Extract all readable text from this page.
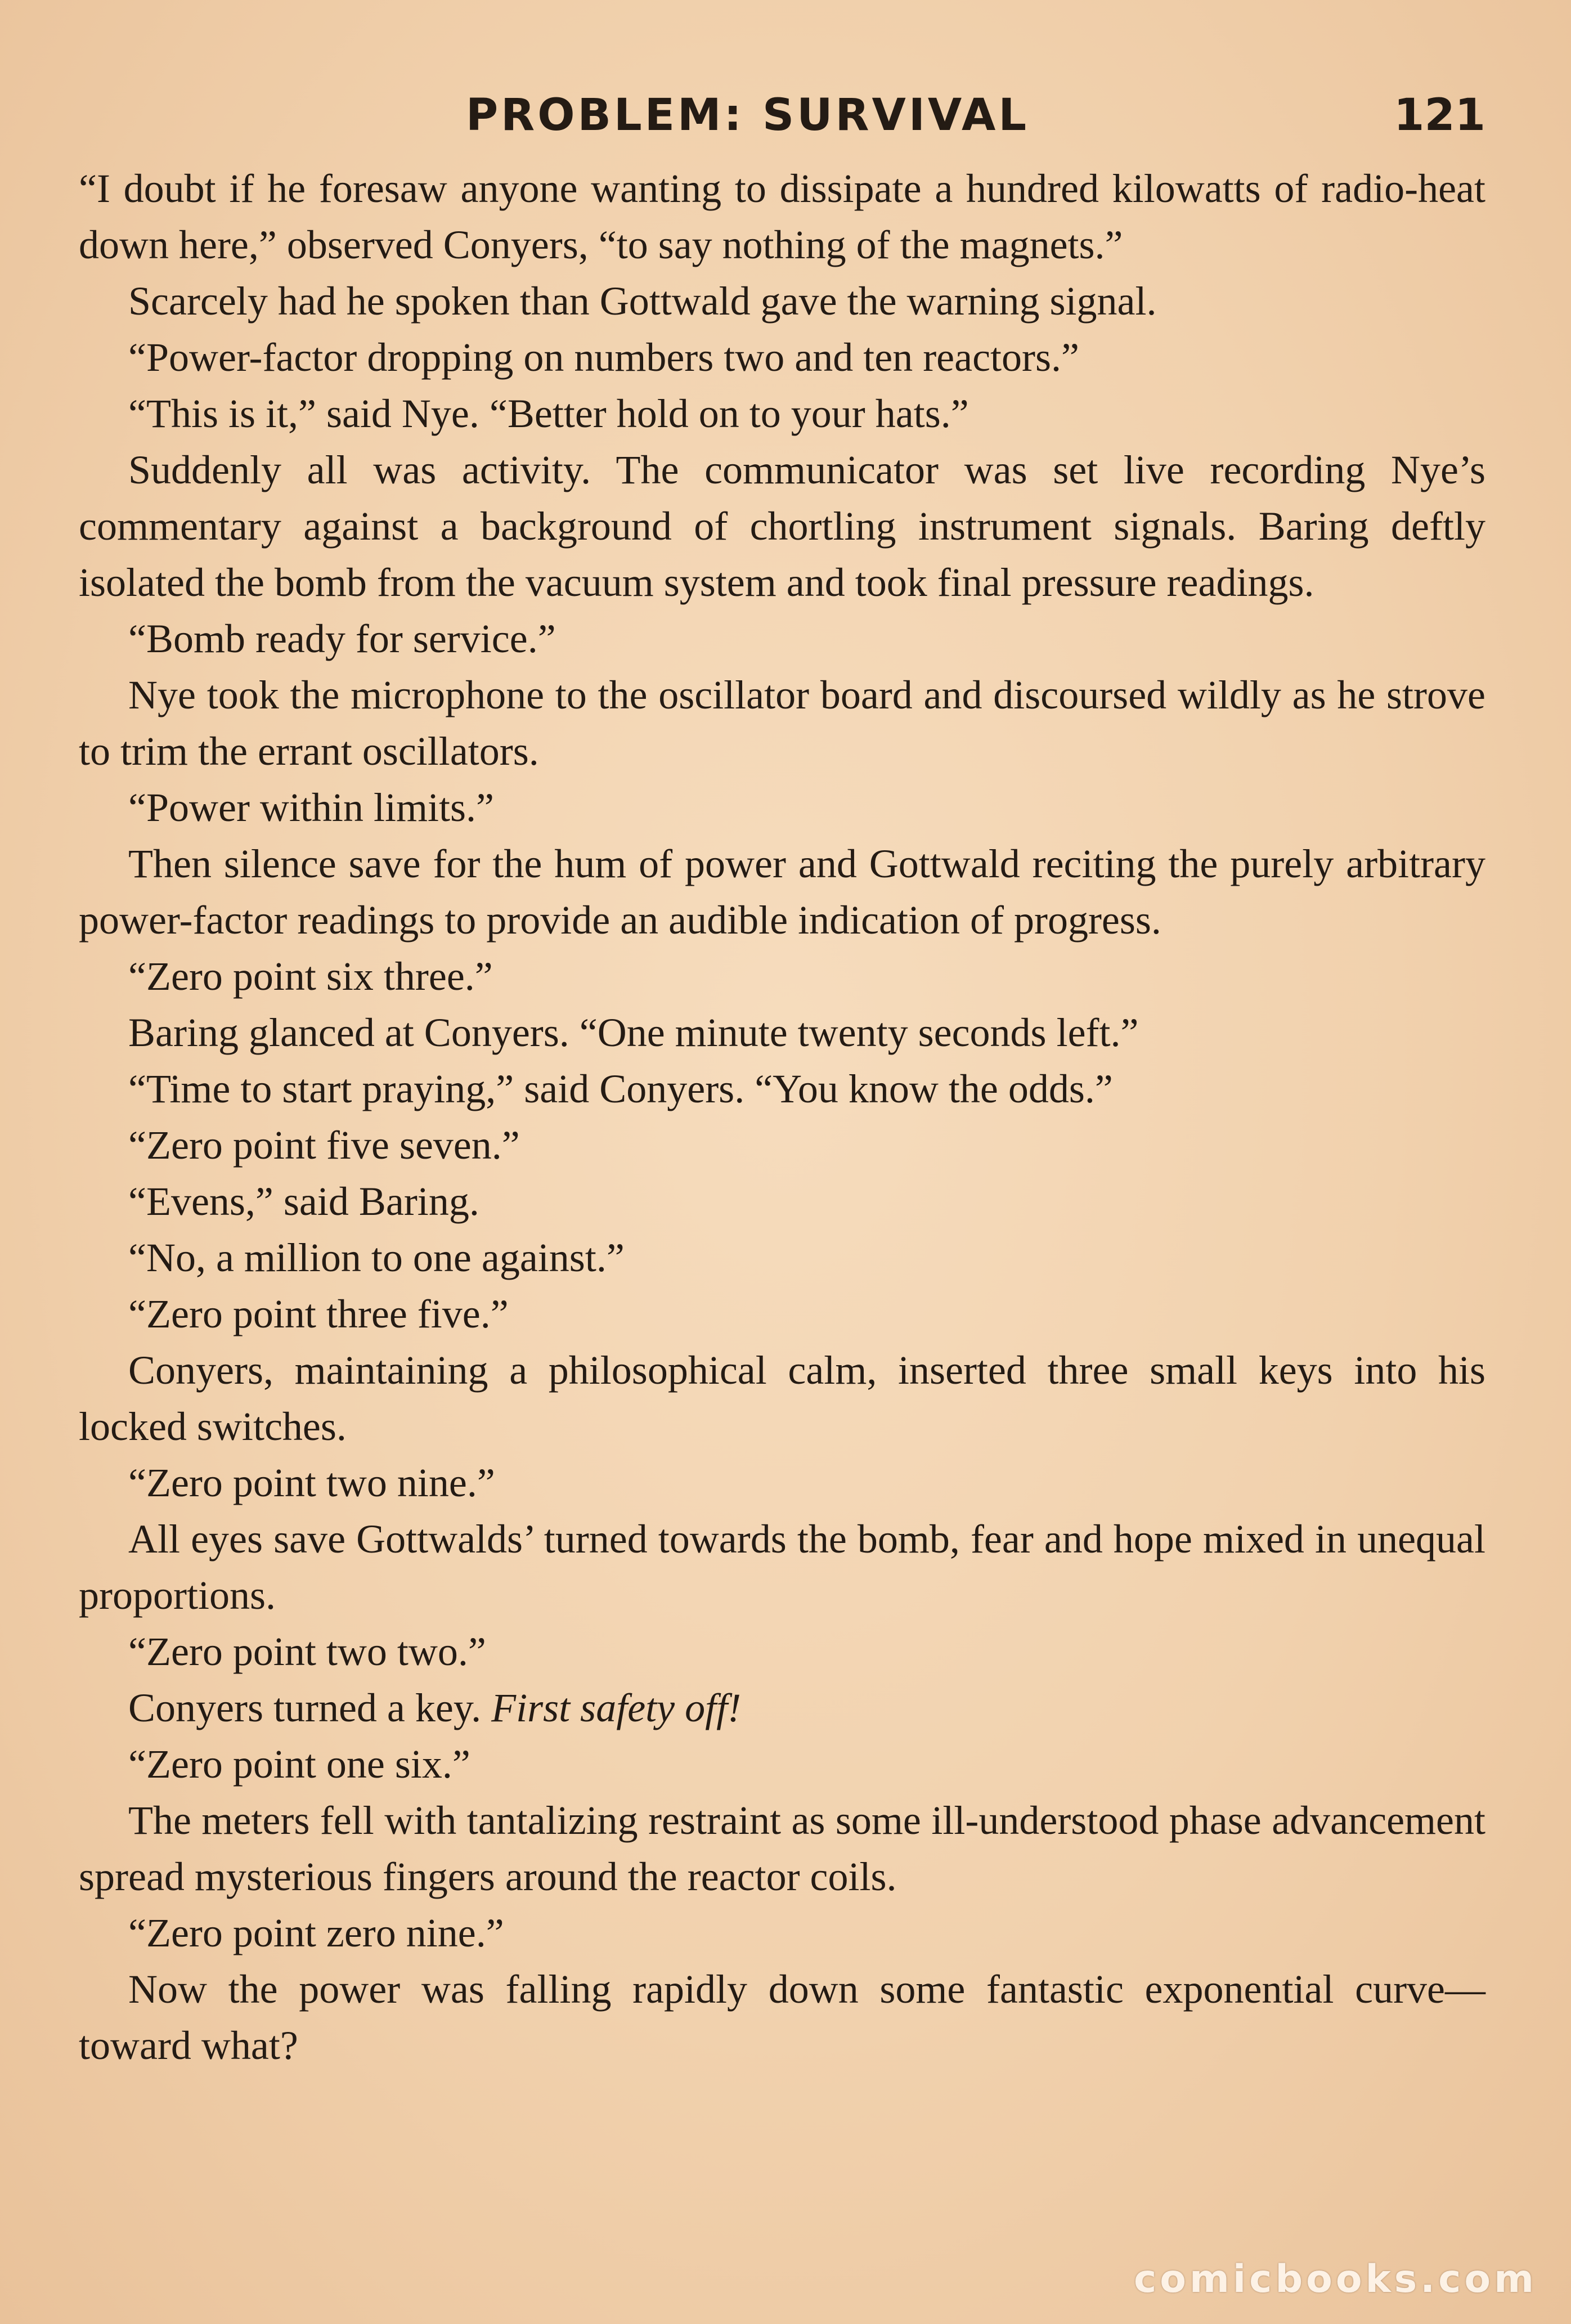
PROBLEM: SURVIVAL	121

“I doubt if he foresaw anyone wanting to dissipate a hundred kilowatts of radio-heat down here,” observed Conyers, “to say nothing of the magnets.”

Scarcely had he spoken than Gottwald gave the warning signal.

“Power-factor dropping on numbers two and ten reactors.”

“This is it,” said Nye. “Better hold on to your hats.”

Suddenly all was activity. The communicator was set live recording Nye’s commentary against a background of chortling instrument signals. Baring deftly isolated the bomb from the vacuum system and took final pressure readings.

“Bomb ready for service.”

Nye took the microphone to the oscillator board and discoursed wildly as he strove to trim the errant oscillators.

“Power within limits.”

Then silence save for the hum of power and Gottwald reciting the purely arbitrary power-factor readings to provide an audible indication of progress.

“Zero point six three.”

Baring glanced at Conyers. “One minute twenty seconds left.”

“Time to start praying,” said Conyers. “You know the odds.”

“Zero point five seven.”

“Evens,” said Baring.

“No, a million to one against.”

“Zero point three five.”

Conyers, maintaining a philosophical calm, inserted three small keys into his locked switches.

“Zero point two nine.”

All eyes save Gottwalds’ turned towards the bomb, fear and hope mixed in unequal proportions.

“Zero point two two.”

Conyers turned a key. First safety off!

“Zero point one six.”

The meters fell with tantalizing restraint as some ill-understood phase advancement spread mysterious fingers around the reactor coils.

“Zero point zero nine.”

Now the power was falling rapidly down some fantastic exponential curve—toward what?

comicbooks.com
